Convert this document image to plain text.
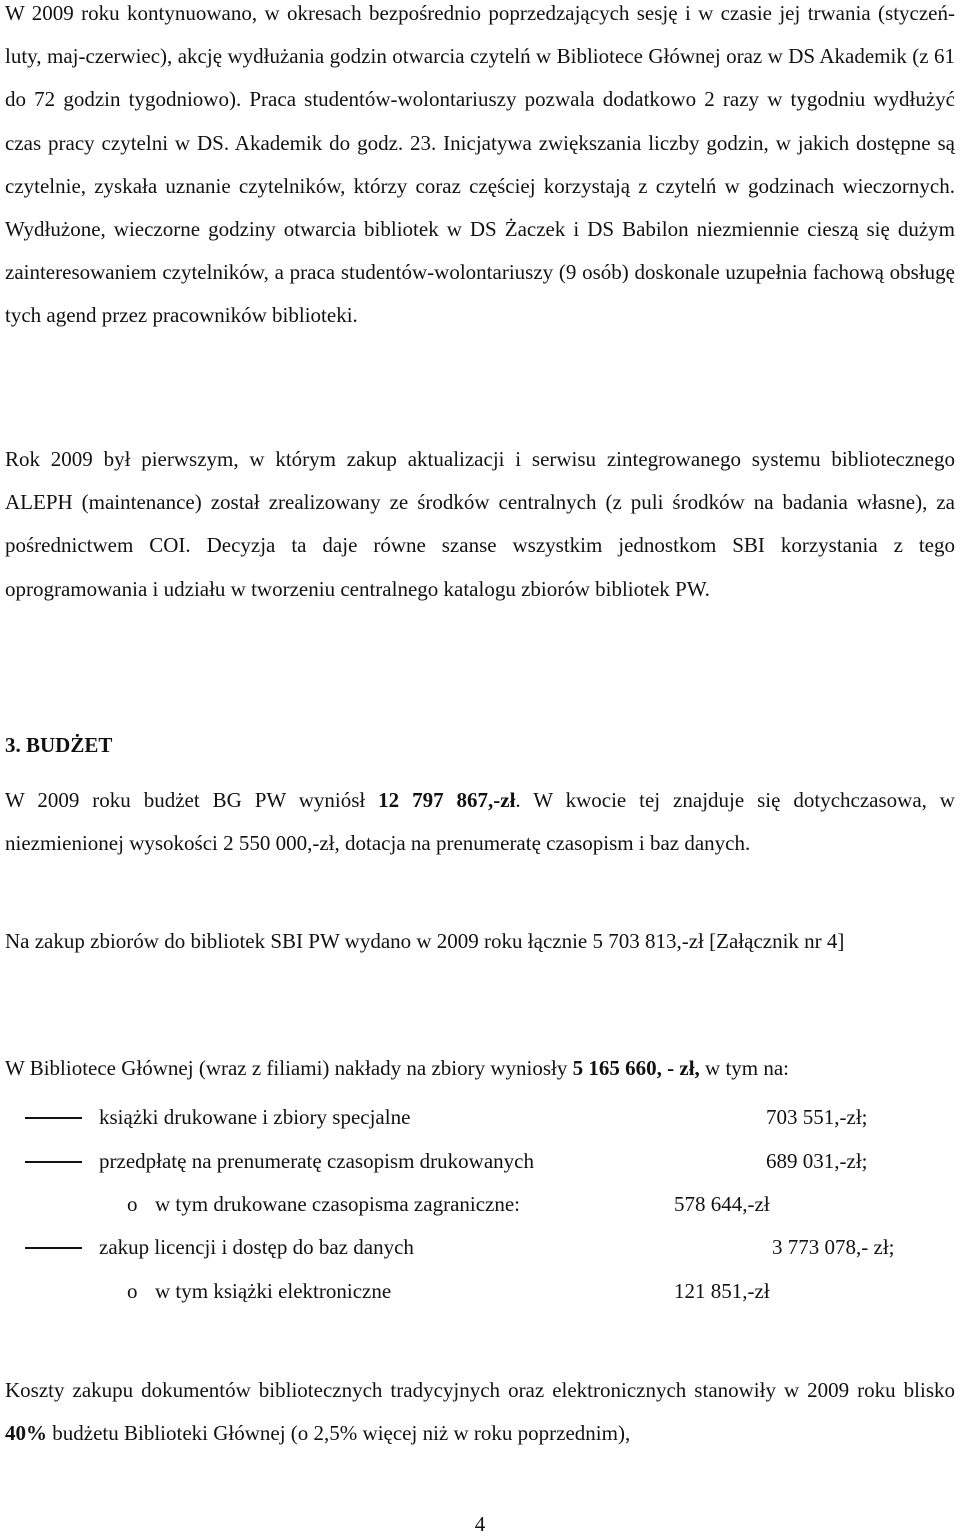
W 2009 roku kontynuowano, w okresach bezpośrednio poprzedzających sesję i w czasie jej trwania (styczeń-luty, maj-czerwiec), akcję wydłużania godzin otwarcia czytelń w Bibliotece Głównej oraz w DS Akademik (z 61 do 72 godzin tygodniowo). Praca studentów-wolontariuszy pozwala dodatkowo 2 razy w tygodniu wydłużyć czas pracy czytelni w DS. Akademik do godz. 23. Inicjatywa zwiększania liczby godzin, w jakich dostępne są czytelnie, zyskała uznanie czytelników, którzy coraz częściej korzystają z czytelń w godzinach wieczornych. Wydłużone, wieczorne godziny otwarcia bibliotek w DS Żaczek i DS Babilon niezmiennie cieszą się dużym zainteresowaniem czytelników, a praca studentów-wolontariuszy (9 osób) doskonale uzupełnia fachową obsługę tych agend przez pracowników biblioteki.

Rok 2009 był pierwszym, w którym zakup aktualizacji i serwisu zintegrowanego systemu bibliotecznego ALEPH (maintenance) został zrealizowany ze środków centralnych (z puli środków na badania własne), za pośrednictwem COI. Decyzja ta daje równe szanse wszystkim jednostkom SBI korzystania z tego oprogramowania i udziału w tworzeniu centralnego katalogu zbiorów bibliotek PW.

3. BUDŻET

W 2009 roku budżet BG PW wyniósł 12 797 867,-zł. W kwocie tej znajduje się dotychczasowa, w niezmienionej wysokości 2 550 000,-zł, dotacja na prenumeratę czasopism i baz danych.

Na zakup zbiorów do bibliotek SBI PW wydano w 2009 roku łącznie 5 703 813,-zł [Załącznik nr 4]

W Bibliotece Głównej (wraz z filiami) nakłady na zbiory wyniosły 5 165 660, - zł, w tym na:

książki drukowane i zbiory specjalne	703 551,-zł;
przedpłatę na prenumeratę czasopism drukowanych	689 031,-zł;
o w tym drukowane czasopisma zagraniczne:	578 644,-zł
zakup licencji i dostęp do baz danych	3 773 078,- zł;
o w tym książki elektroniczne	121 851,-zł

Koszty zakupu dokumentów bibliotecznych tradycyjnych oraz elektronicznych stanowiły w 2009 roku blisko 40% budżetu Biblioteki Głównej (o 2,5% więcej niż w roku poprzednim),

4
